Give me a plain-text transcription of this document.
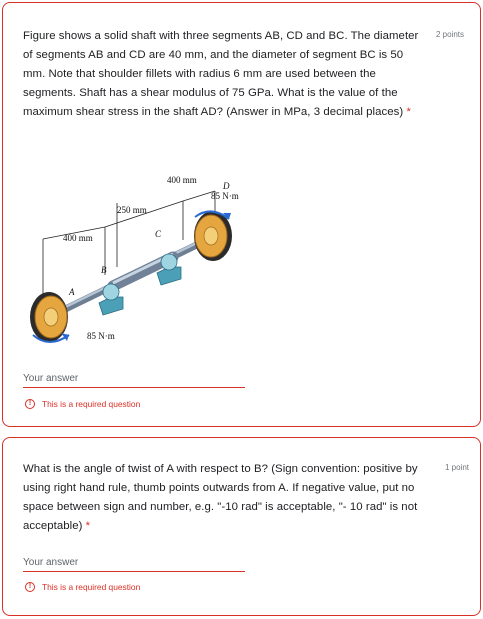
Figure shows a solid shaft with three segments AB, CD and BC. The diameter of segments AB and CD are 40 mm, and the diameter of segment BC is 50 mm. Note that shoulder fillets with radius 6 mm are used between the segments. Shaft has a shear modulus of 75 GPa. What is the value of the maximum shear stress in the shaft AD? (Answer in MPa, 3 decimal places) *
2 points
400 mm
250 mm
400 mm
A
B
C
D
85 N·m
85 N·m
Your answer
!	This is a required question
What is the angle of twist of A with respect to B? (Sign convention: positive by using right hand rule, thumb points outwards from A. If negative value, put no space between sign and number, e.g. "-10 rad" is acceptable, "- 10 rad" is not acceptable) *
1 point
Your answer
!	This is a required question
